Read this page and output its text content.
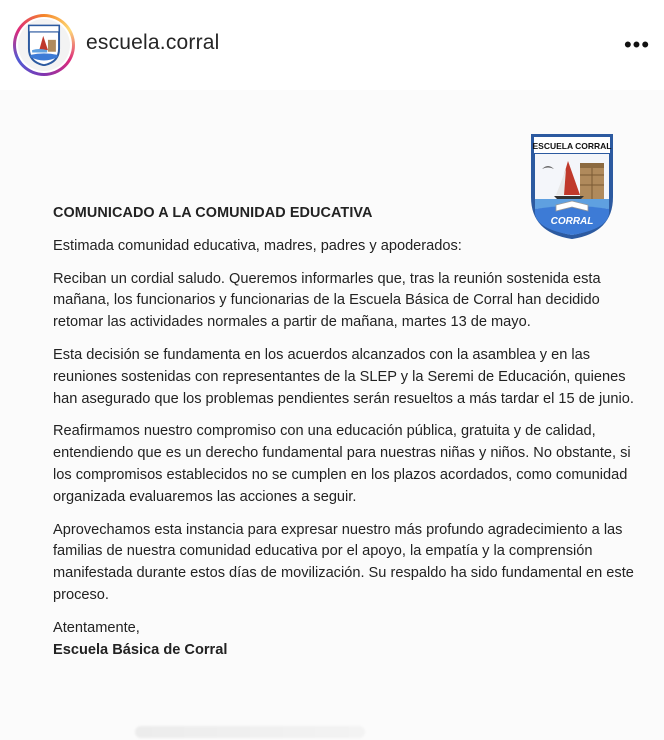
escuela.corral	•••
ESCUELA CORRAL
CORRAL
COMUNICADO A LA COMUNIDAD EDUCATIVA

Estimada comunidad educativa, madres, padres y apoderados:

Reciban un cordial saludo. Queremos informarles que, tras la reunión sostenida esta mañana, los funcionarios y funcionarias de la Escuela Básica de Corral han decidido retomar las actividades normales a partir de mañana, martes 13 de mayo.

Esta decisión se fundamenta en los acuerdos alcanzados con la asamblea y en las reuniones sostenidas con representantes de la SLEP y la Seremi de Educación, quienes han asegurado que los problemas pendientes serán resueltos a más tardar el 15 de junio.

Reafirmamos nuestro compromiso con una educación pública, gratuita y de calidad, entendiendo que es un derecho fundamental para nuestras niñas y niños. No obstante, si los compromisos establecidos no se cumplen en los plazos acordados, como comunidad organizada evaluaremos las acciones a seguir.

Aprovechamos esta instancia para expresar nuestro más profundo agradecimiento a las familias de nuestra comunidad educativa por el apoyo, la empatía y la comprensión manifestada durante estos días de movilización. Su respaldo ha sido fundamental en este proceso.

Atentamente,
Escuela Básica de Corral
